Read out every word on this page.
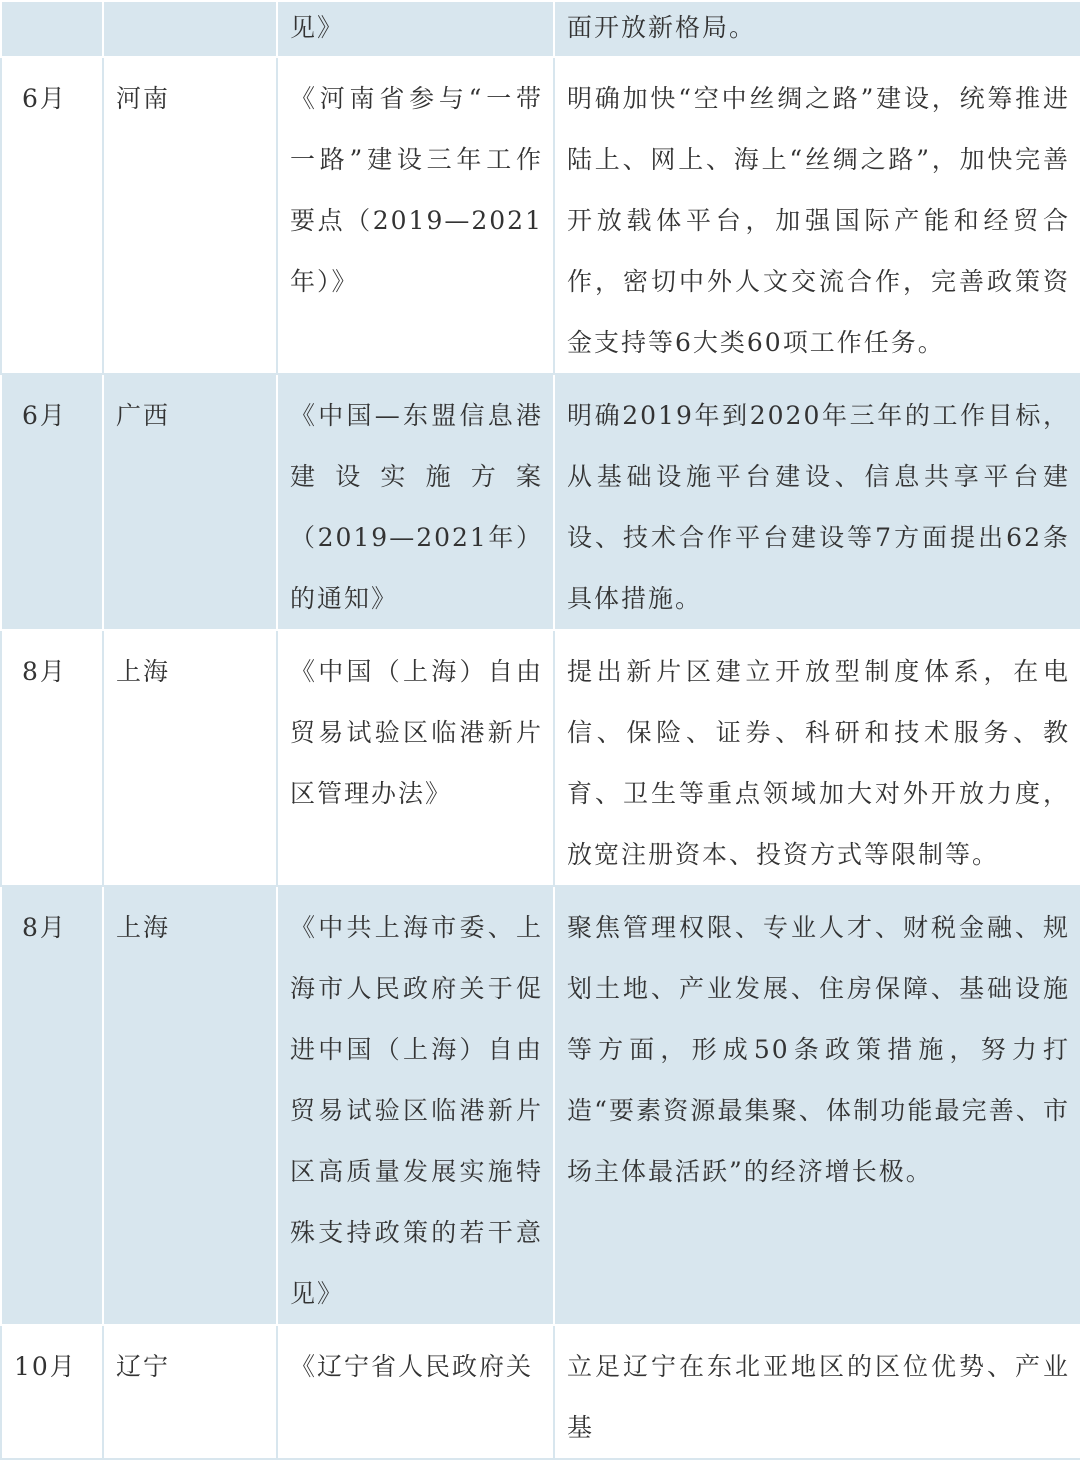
		见》	面开放新格局。
6月	河南	《河南省参与“一带一路”建设三年工作要点（2019—2021年）》	明确加快“空中丝绸之路”建设，统筹推进陆上、网上、海上“丝绸之路”，加快完善开放载体平台，加强国际产能和经贸合作，密切中外人文交流合作，完善政策资金支持等6大类60项工作任务。
6月	广西	《中国—东盟信息港建设实施方案（2019—2021年）的通知》	明确2019年到2020年三年的工作目标，从基础设施平台建设、信息共享平台建设、技术合作平台建设等7方面提出62条具体措施。
8月	上海	《中国（上海）自由贸易试验区临港新片区管理办法》	提出新片区建立开放型制度体系，在电信、保险、证券、科研和技术服务、教育、卫生等重点领域加大对外开放力度，放宽注册资本、投资方式等限制等。
8月	上海	《中共上海市委、上海市人民政府关于促进中国（上海）自由贸易试验区临港新片区高质量发展实施特殊支持政策的若干意见》	聚焦管理权限、专业人才、财税金融、规划土地、产业发展、住房保障、基础设施等方面，形成50条政策措施，努力打造“要素资源最集聚、体制功能最完善、市场主体最活跃”的经济增长极。
10月	辽宁	《辽宁省人民政府关	立足辽宁在东北亚地区的区位优势、产业基
